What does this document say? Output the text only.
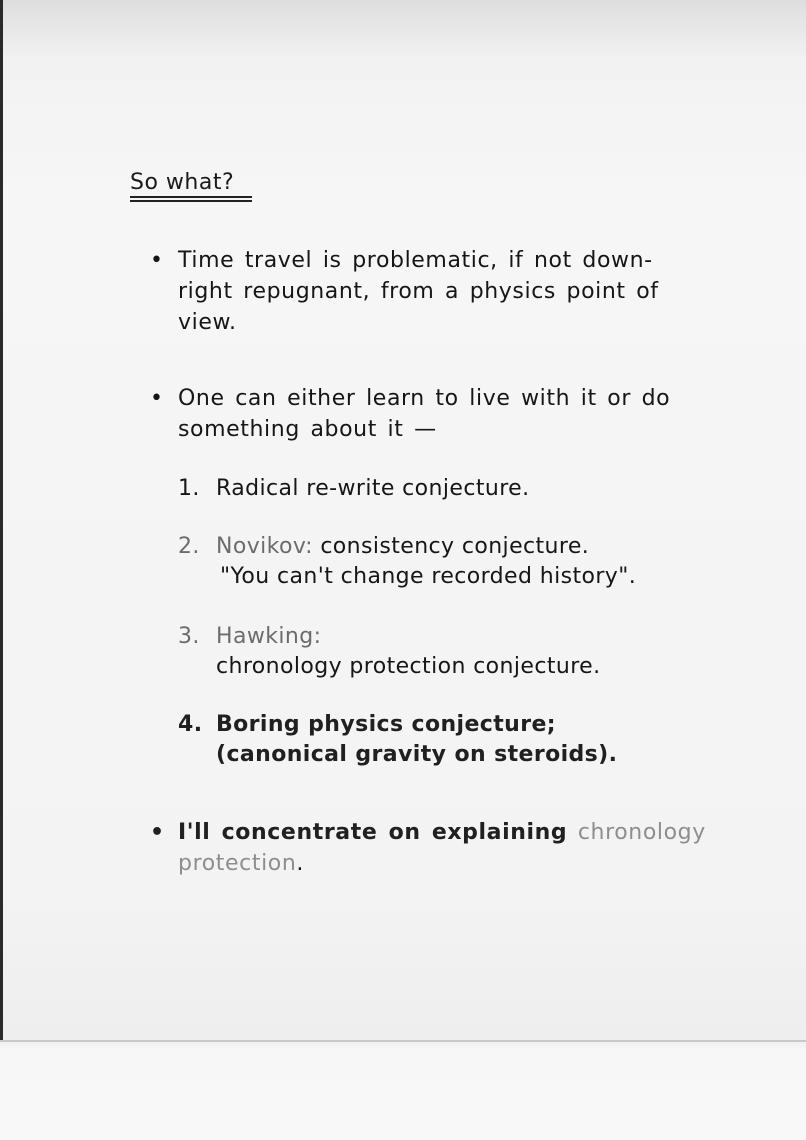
So what?
• Time travel is problematic, if not down-
right repugnant, from a physics point of
view.
• One can either learn to live with it or do
something about it —
1. Radical re-write conjecture.
2. Novikov: consistency conjecture.
"You can't change recorded history".
3. Hawking:
chronology protection conjecture.
4. Boring physics conjecture;
(canonical gravity on steroids).
• I'll concentrate on explaining chronology
protection.
